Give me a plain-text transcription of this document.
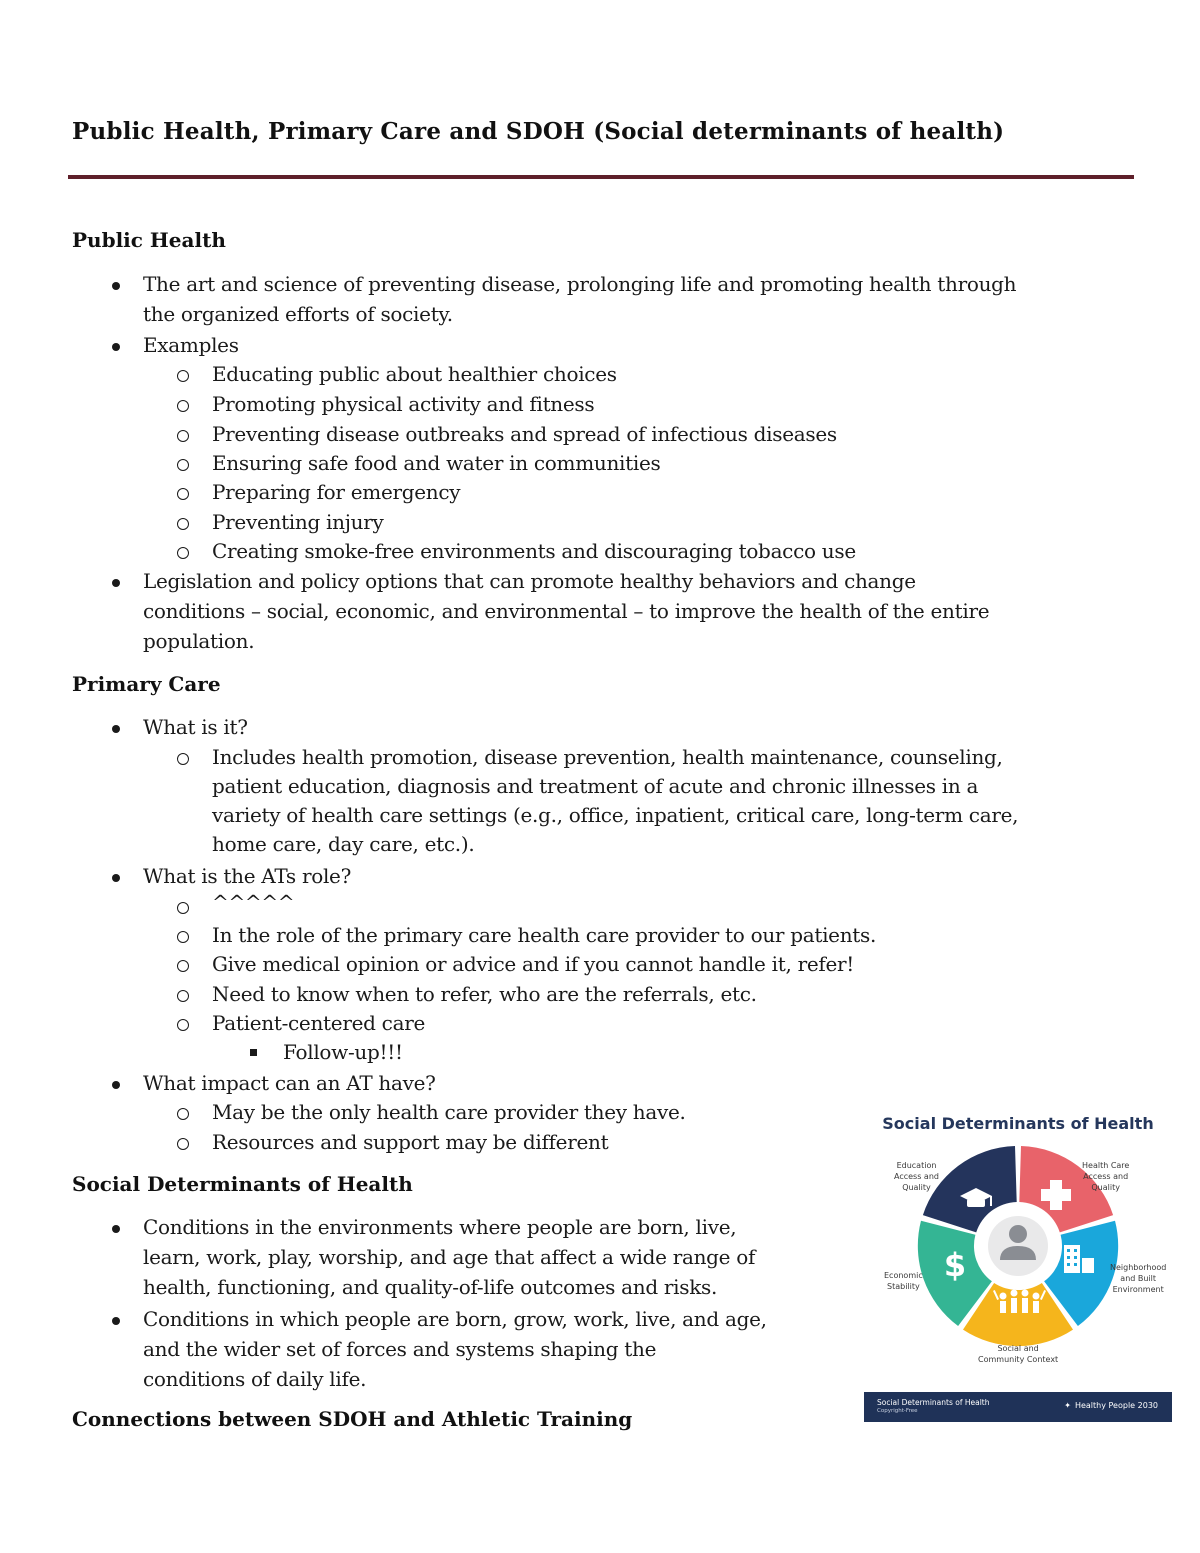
Public Health, Primary Care and SDOH (Social determinants of health)
Public Health
The art and science of preventing disease, prolonging life and promoting health through
the organized efforts of society.
Examples
Educating public about healthier choices
Promoting physical activity and fitness
Preventing disease outbreaks and spread of infectious diseases
Ensuring safe food and water in communities
Preparing for emergency
Preventing injury
Creating smoke-free environments and discouraging tobacco use
Legislation and policy options that can promote healthy behaviors and change
conditions – social, economic, and environmental – to improve the health of the entire
population.
Primary Care
What is it?
Includes health promotion, disease prevention, health maintenance, counseling,
patient education, diagnosis and treatment of acute and chronic illnesses in a
variety of health care settings (e.g., office, inpatient, critical care, long-term care,
home care, day care, etc.).
What is the ATs role?
^^^^^
In the role of the primary care health care provider to our patients.
Give medical opinion or advice and if you cannot handle it, refer!
Need to know when to refer, who are the referrals, etc.
Patient-centered care
Follow-up!!!
What impact can an AT have?
May be the only health care provider they have.
Resources and support may be different
Social Determinants of Health
Conditions in the environments where people are born, live,
learn, work, play, worship, and age that affect a wide range of
health, functioning, and quality-of-life outcomes and risks.
Conditions in which people are born, grow, work, live, and age,
and the wider set of forces and systems shaping the
conditions of daily life.
Connections between SDOH and Athletic Training
Social Determinants of Health
$
Education
Access and
Quality
Health Care
Access and
Quality
Neighborhood
and Built
Environment
Social and
Community Context
Economic
Stability
Social Determinants of Health
Copyright-Free
✦ Healthy People 2030
